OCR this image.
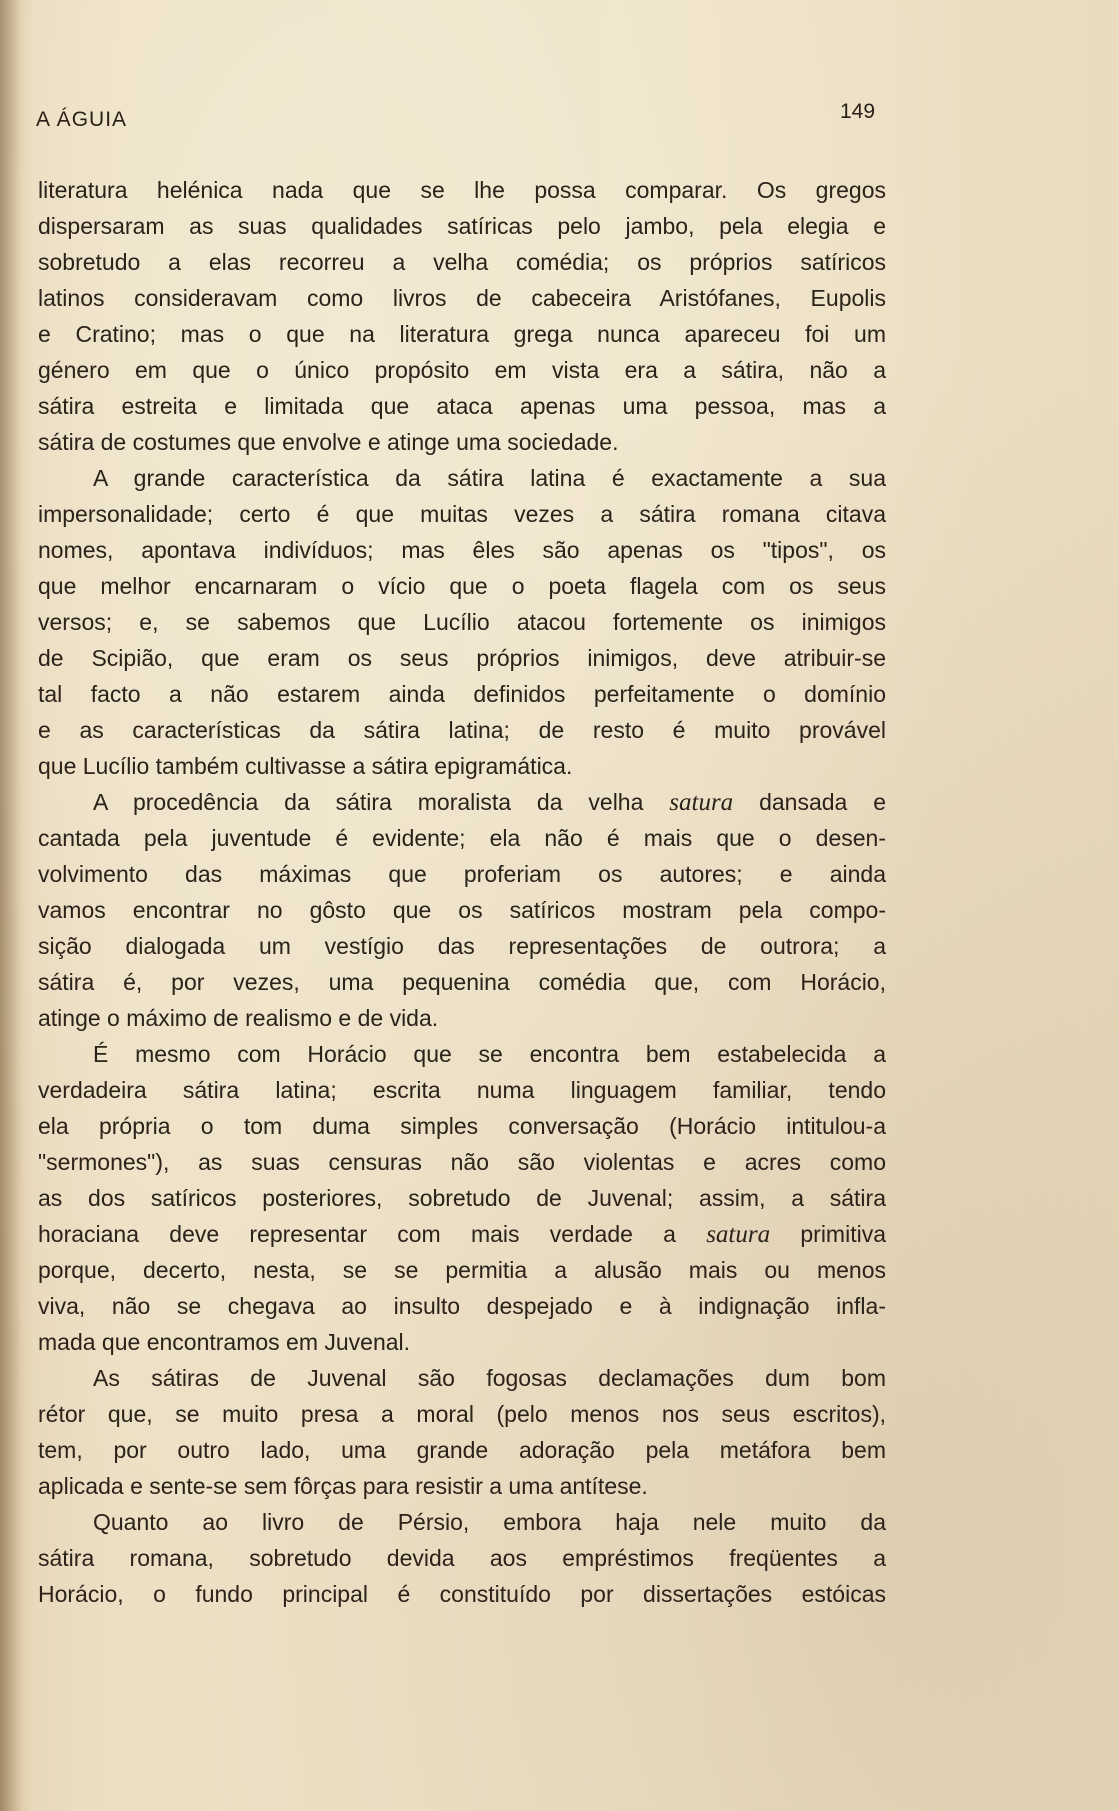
A ÁGUIA	149
literatura helénica nada que se lhe possa comparar. Os gregos
dispersaram as suas qualidades satíricas pelo jambo, pela elegia e
sobretudo a elas recorreu a velha comédia; os próprios satíricos
latinos consideravam como livros de cabeceira Aristófanes, Eupolis
e Cratino; mas o que na literatura grega nunca apareceu foi um
género em que o único propósito em vista era a sátira, não a
sátira estreita e limitada que ataca apenas uma pessoa, mas a
sátira de costumes que envolve e atinge uma sociedade.
A grande característica da sátira latina é exactamente a sua
impersonalidade; certo é que muitas vezes a sátira romana citava
nomes, apontava indivíduos; mas êles são apenas os "tipos", os
que melhor encarnaram o vício que o poeta flagela com os seus
versos; e, se sabemos que Lucílio atacou fortemente os inimigos
de Scipião, que eram os seus próprios inimigos, deve atribuir-se
tal facto a não estarem ainda definidos perfeitamente o domínio
e as características da sátira latina; de resto é muito provável
que Lucílio também cultivasse a sátira epigramática.
A procedência da sátira moralista da velha satura dansada e
cantada pela juventude é evidente; ela não é mais que o desen-
volvimento das máximas que proferiam os autores; e ainda
vamos encontrar no gôsto que os satíricos mostram pela compo-
sição dialogada um vestígio das representações de outrora; a
sátira é, por vezes, uma pequenina comédia que, com Horácio,
atinge o máximo de realismo e de vida.
É mesmo com Horácio que se encontra bem estabelecida a
verdadeira sátira latina; escrita numa linguagem familiar, tendo
ela própria o tom duma simples conversação (Horácio intitulou-a
"sermones"), as suas censuras não são violentas e acres como
as dos satíricos posteriores, sobretudo de Juvenal; assim, a sátira
horaciana deve representar com mais verdade a satura primitiva
porque, decerto, nesta, se se permitia a alusão mais ou menos
viva, não se chegava ao insulto despejado e à indignação infla-
mada que encontramos em Juvenal.
As sátiras de Juvenal são fogosas declamações dum bom
rétor que, se muito presa a moral (pelo menos nos seus escritos),
tem, por outro lado, uma grande adoração pela metáfora bem
aplicada e sente-se sem fôrças para resistir a uma antítese.
Quanto ao livro de Pérsio, embora haja nele muito da
sátira romana, sobretudo devida aos empréstimos freqüentes a
Horácio, o fundo principal é constituído por dissertações estóicas
